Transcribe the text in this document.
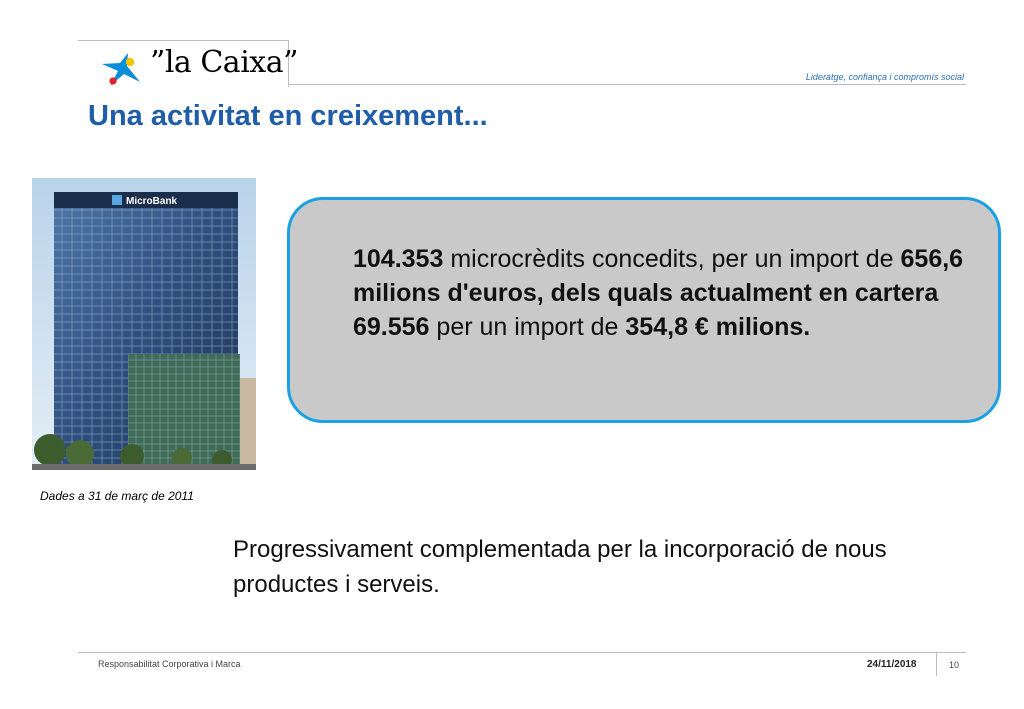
”la Caixa”	Lideratge, confiança i compromís social
Una activitat en creixement...
MicroBank
Dades a 31 de març de 2011
104.353 microcrèdits concedits, per un import de 656,6 milions d'euros, dels quals actualment en cartera 69.556 per un import de 354,8 € milions.
Progressivament complementada per la incorporació de nous productes i serveis.
Responsabilitat Corporativa i Marca	24/11/2018	10
